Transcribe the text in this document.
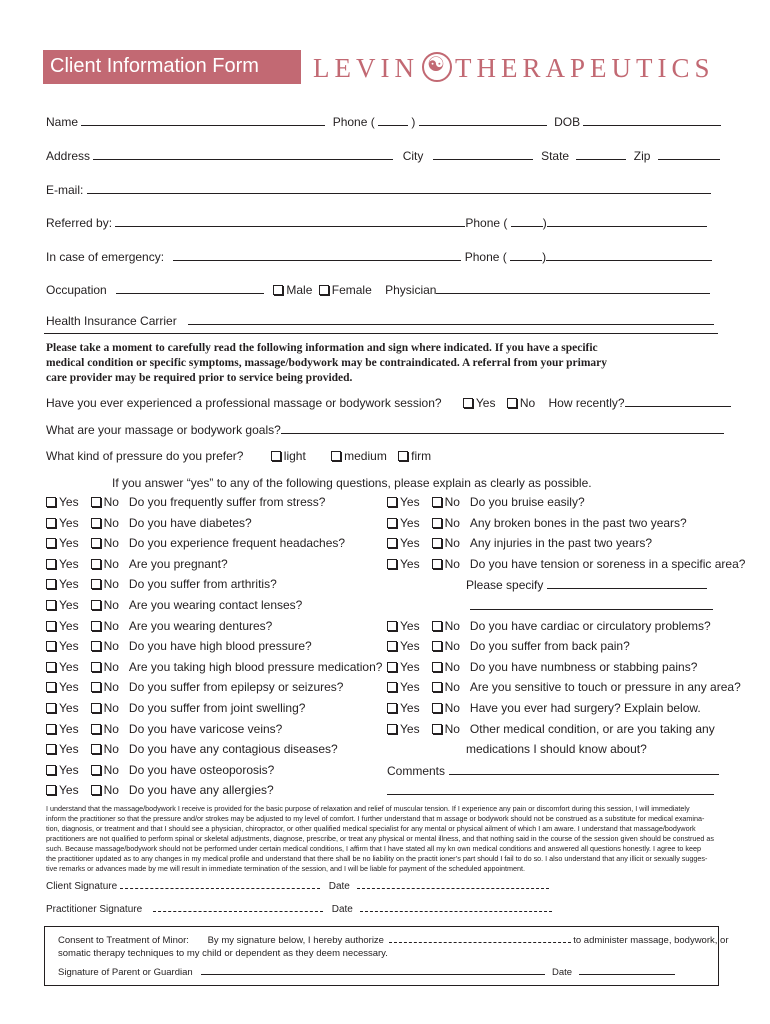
Client Information Form LEVIN☯ THERAPEUTICS
Name	Phone (	)	DOB
Address	City	State	Zip
E-mail:
Referred by:	Phone (	)
In case of emergency:	Phone (	)
Occupation	Male Female Physician
Health Insurance Carrier
Please take a moment to carefully read the following information and sign where indicated. If you have a specific
medical condition or specific symptoms, massage/bodywork may be contraindicated. A referral from your primary
care provider may be required prior to service being provided.
Have you ever experienced a professional massage or bodywork session?	Yes No How recently?
What are your massage or bodywork goals?
What kind of pressure do you prefer?	light	medium firm
If you answer “yes” to any of the following questions, please explain as clearly as possible.
Yes No Do you frequently suffer from stress?
Yes No Do you have diabetes?
Yes No Do you experience frequent headaches?
Yes No Are you pregnant?
Yes No Do you suffer from arthritis?
Yes No Are you wearing contact lenses?
Yes No Are you wearing dentures?
Yes No Do you have high blood pressure?
Yes No Are you taking high blood pressure medication?
Yes No Do you suffer from epilepsy or seizures?
Yes No Do you suffer from joint swelling?
Yes No Do you have varicose veins?
Yes No Do you have any contagious diseases?
Yes No Do you have osteoporosis?
Yes No Do you have any allergies?
Yes No Do you bruise easily?
Yes No Any broken bones in the past two years?
Yes No Any injuries in the past two years?
Yes No Do you have tension or soreness in a specific area?
Please specify
Yes No Do you have cardiac or circulatory problems?
Yes No Do you suffer from back pain?
Yes No Do you have numbness or stabbing pains?
Yes No Are you sensitive to touch or pressure in any area?
Yes No Have you ever had surgery? Explain below.
Yes No Other medical condition, or are you taking any
medications I should know about?
Comments
I understand that the massage/bodywork I receive is provided for the basic purpose of relaxation and relief of muscular tension. If I experience any pain or discomfort during this session, I will immediately
inform the practitioner so that the pressure and/or strokes may be adjusted to my level of comfort. I further understand that m assage or bodywork should not be construed as a substitute for medical examina-
tion, diagnosis, or treatment and that I should see a physician, chiropractor, or other qualified medical specialist for any mental or physical ailment of which I am aware. I understand that massage/bodywork
practitioners are not qualified to perform spinal or skeletal adjustments, diagnose, prescribe, or treat any physical or mental illness, and that nothing said in the course of the session given should be construed as
such. Because massage/bodywork should not be performed under certain medical conditions, I affirm that I have stated all my kn own medical conditions and answered all questions honestly. I agree to keep
the practitioner updated as to any changes in my medical profile and understand that there shall be no liability on the practit ioner’s part should I fail to do so. I also understand that any illicit or sexually sugges-
tive remarks or advances made by me will result in immediate termination of the session, and I will be liable for payment of the scheduled appointment.
Client Signature	Date
Practitioner Signature	Date
Consent to Treatment of Minor: By my signature below, I hereby authorize	to administer massage, bodywork, or
somatic therapy techniques to my child or dependent as they deem necessary.
Signature of Parent or Guardian	Date
